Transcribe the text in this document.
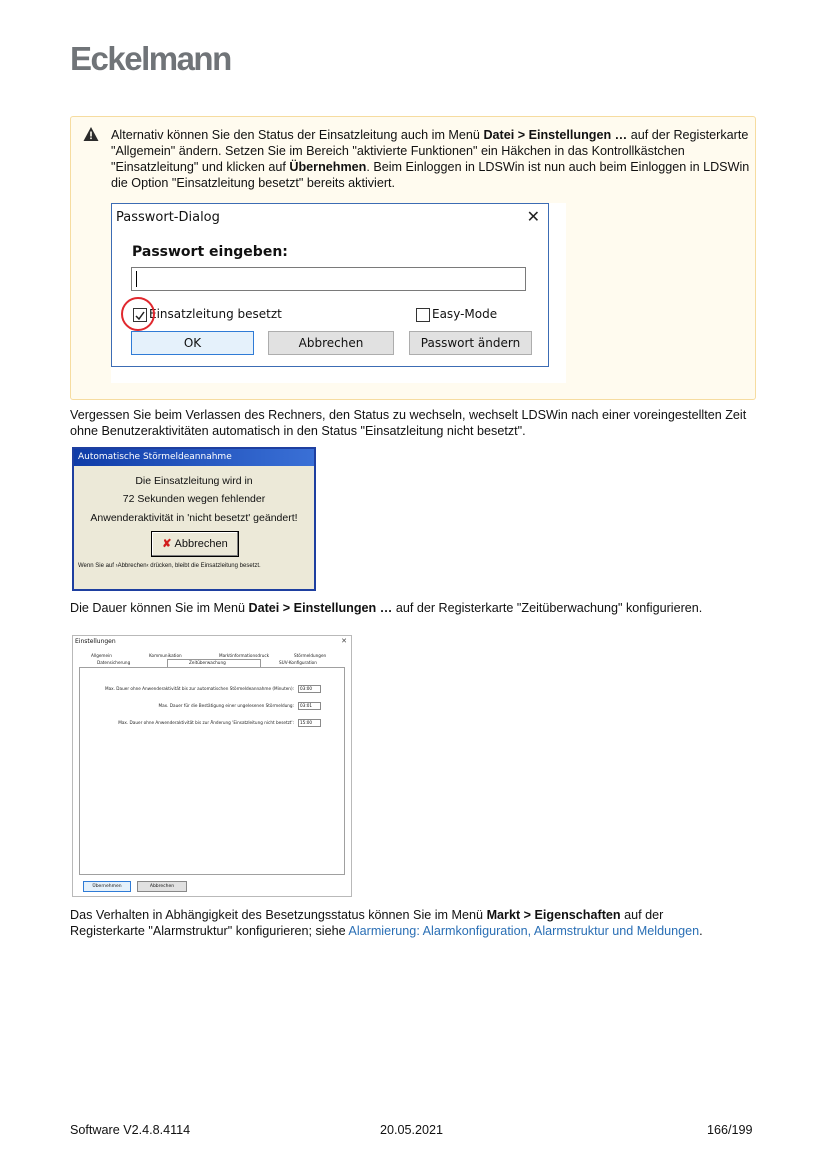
Eckelmann
Alternativ können Sie den Status der Einsatzleitung auch im Menü Datei > Einstellungen … auf der Registerkarte "Allgemein" ändern. Setzen Sie im Bereich "aktivierte Funktionen" ein Häkchen in das Kontrollkästchen "Einsatzleitung" und klicken auf Übernehmen. Beim Einloggen in LDSWin ist nun auch beim Einloggen in LDSWin die Option "Einsatzleitung besetzt" bereits aktiviert.
Passwort-Dialog	✕
Passwort eingeben:
Einsatzleitung besetzt	Easy-Mode
OK	Abbrechen	Passwort ändern
Vergessen Sie beim Verlassen des Rechners, den Status zu wechseln, wechselt LDSWin nach einer voreingestellten Zeit ohne Benutzeraktivitäten automatisch in den Status "Einsatzleitung nicht besetzt".
Automatische Störmeldeannahme
Die Einsatzleitung wird in
72 Sekunden wegen fehlender
Anwenderaktivität in 'nicht besetzt' geändert!
✘ Abbrechen
Wenn Sie auf ›Abbrechen‹ drücken, bleibt die Einsatzleitung besetzt.
Die Dauer können Sie im Menü Datei > Einstellungen … auf der Registerkarte "Zeitüberwachung" konfigurieren.
Einstellungen	✕
Allgemein	Kommunikation	Marktinformationsdruck	Störmeldungen
Datensicherung	Zeitüberwachung	SUV-Konfiguration
Max. Dauer ohne Anwenderaktivität bis zur automatischen Störmeldeannahme (Minuten):	03:00
Max. Dauer für die Bestätigung einer ungelesenen Störmeldung:	03:01
Max. Dauer ohne Anwenderaktivität bis zur Änderung 'Einsatzleitung nicht besetzt':	15:00
Übernehmen	Abbrechen
Das Verhalten in Abhängigkeit des Besetzungsstatus können Sie im Menü Markt > Eigenschaften auf der Registerkarte "Alarmstruktur" konfigurieren; siehe Alarmierung: Alarmkonfiguration, Alarmstruktur und Meldungen.
Software V2.4.8.4114	20.05.2021	166/199
